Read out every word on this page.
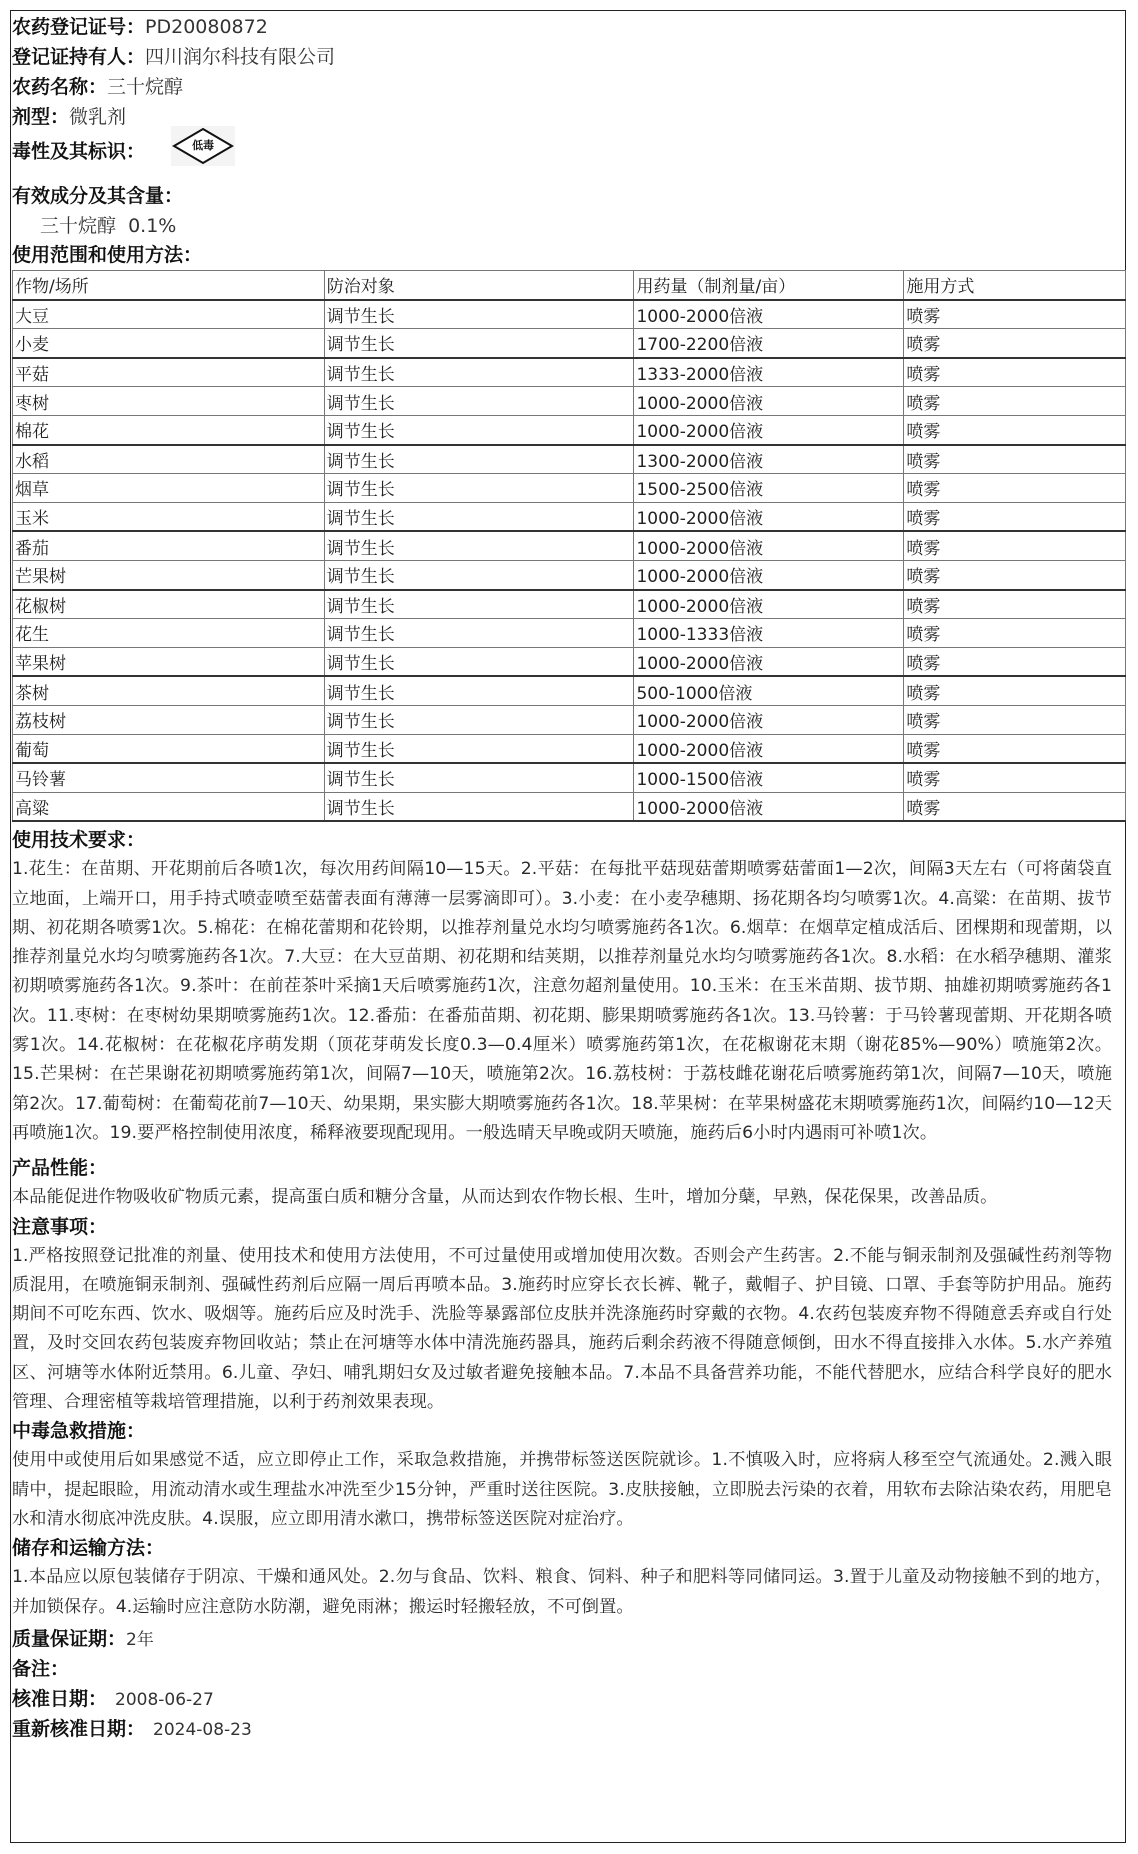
农药登记证号：PD20080872
登记证持有人：四川润尔科技有限公司
农药名称：三十烷醇
剂型：微乳剂
毒性及其标识：	低毒
有效成分及其含量：
三十烷醇  0.1%
使用范围和使用方法：
作物/场所	防治对象	用药量（制剂量/亩）	施用方式
大豆	调节生长	1000-2000倍液	喷雾
小麦	调节生长	1700-2200倍液	喷雾
平菇	调节生长	1333-2000倍液	喷雾
枣树	调节生长	1000-2000倍液	喷雾
棉花	调节生长	1000-2000倍液	喷雾
水稻	调节生长	1300-2000倍液	喷雾
烟草	调节生长	1500-2500倍液	喷雾
玉米	调节生长	1000-2000倍液	喷雾
番茄	调节生长	1000-2000倍液	喷雾
芒果树	调节生长	1000-2000倍液	喷雾
花椒树	调节生长	1000-2000倍液	喷雾
花生	调节生长	1000-1333倍液	喷雾
苹果树	调节生长	1000-2000倍液	喷雾
茶树	调节生长	500-1000倍液	喷雾
荔枝树	调节生长	1000-2000倍液	喷雾
葡萄	调节生长	1000-2000倍液	喷雾
马铃薯	调节生长	1000-1500倍液	喷雾
高粱	调节生长	1000-2000倍液	喷雾
使用技术要求：
1.花生：在苗期、开花期前后各喷1次，每次用药间隔10—15天。2.平菇：在每批平菇现菇蕾期喷雾菇蕾面1—2次，间隔3天左右（可将菌袋直立地面，上端开口，用手持式喷壶喷至菇蕾表面有薄薄一层雾滴即可）。3.小麦：在小麦孕穗期、扬花期各均匀喷雾1次。4.高粱：在苗期、拔节期、初花期各喷雾1次。5.棉花：在棉花蕾期和花铃期，以推荐剂量兑水均匀喷雾施药各1次。6.烟草：在烟草定植成活后、团棵期和现蕾期，以推荐剂量兑水均匀喷雾施药各1次。7.大豆：在大豆苗期、初花期和结荚期，以推荐剂量兑水均匀喷雾施药各1次。8.水稻：在水稻孕穗期、灌浆初期喷雾施药各1次。9.茶叶：在前茬茶叶采摘1天后喷雾施药1次，注意勿超剂量使用。10.玉米：在玉米苗期、拔节期、抽雄初期喷雾施药各1次。11.枣树：在枣树幼果期喷雾施药1次。12.番茄：在番茄苗期、初花期、膨果期喷雾施药各1次。13.马铃薯：于马铃薯现蕾期、开花期各喷雾1次。14.花椒树：在花椒花序萌发期（顶花芽萌发长度0.3—0.4厘米）喷雾施药第1次，在花椒谢花末期（谢花85%—90%）喷施第2次。15.芒果树：在芒果谢花初期喷雾施药第1次，间隔7—10天，喷施第2次。16.荔枝树：于荔枝雌花谢花后喷雾施药第1次，间隔7—10天，喷施第2次。17.葡萄树：在葡萄花前7—10天、幼果期，果实膨大期喷雾施药各1次。18.苹果树：在苹果树盛花末期喷雾施药1次，间隔约10—12天再喷施1次。19.要严格控制使用浓度，稀释液要现配现用。一般选晴天早晚或阴天喷施，施药后6小时内遇雨可补喷1次。
产品性能：
本品能促进作物吸收矿物质元素，提高蛋白质和糖分含量，从而达到农作物长根、生叶，增加分蘖，早熟，保花保果，改善品质。
注意事项：
1.严格按照登记批准的剂量、使用技术和使用方法使用，不可过量使用或增加使用次数。否则会产生药害。2.不能与铜汞制剂及强碱性药剂等物质混用，在喷施铜汞制剂、强碱性药剂后应隔一周后再喷本品。3.施药时应穿长衣长裤、靴子，戴帽子、护目镜、口罩、手套等防护用品。施药期间不可吃东西、饮水、吸烟等。施药后应及时洗手、洗脸等暴露部位皮肤并洗涤施药时穿戴的衣物。4.农药包装废弃物不得随意丢弃或自行处置，及时交回农药包装废弃物回收站；禁止在河塘等水体中清洗施药器具，施药后剩余药液不得随意倾倒，田水不得直接排入水体。5.水产养殖区、河塘等水体附近禁用。6.儿童、孕妇、哺乳期妇女及过敏者避免接触本品。7.本品不具备营养功能，不能代替肥水，应结合科学良好的肥水管理、合理密植等栽培管理措施，以利于药剂效果表现。
中毒急救措施：
使用中或使用后如果感觉不适，应立即停止工作，采取急救措施，并携带标签送医院就诊。1.不慎吸入时，应将病人移至空气流通处。2.溅入眼睛中，提起眼睑，用流动清水或生理盐水冲洗至少15分钟，严重时送往医院。3.皮肤接触，立即脱去污染的衣着，用软布去除沾染农药，用肥皂水和清水彻底冲洗皮肤。4.误服，应立即用清水漱口，携带标签送医院对症治疗。
储存和运输方法：
1.本品应以原包装储存于阴凉、干燥和通风处。2.勿与食品、饮料、粮食、饲料、种子和肥料等同储同运。3.置于儿童及动物接触不到的地方，并加锁保存。4.运输时应注意防水防潮，避免雨淋；搬运时轻搬轻放，不可倒置。
质量保证期：2年
备注：
核准日期： 2008-06-27
重新核准日期： 2024-08-23
